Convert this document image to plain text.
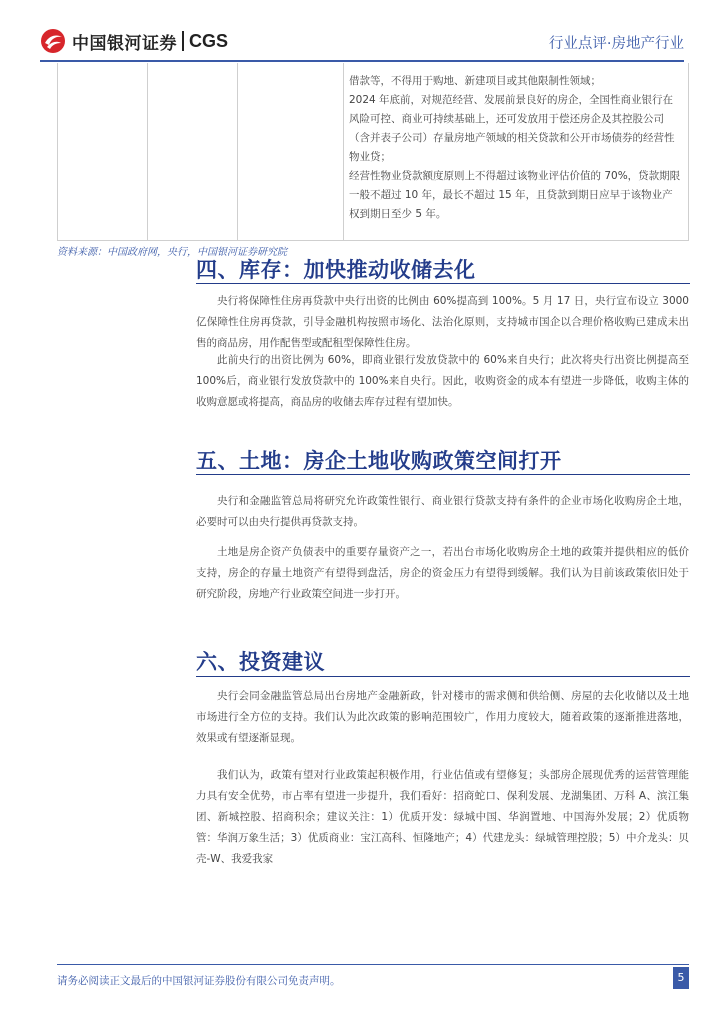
中国银河证券 CGS	行业点评·房地产行业

借款等，不得用于购地、新建项目或其他限制性领域；

2024 年底前，对规范经营、发展前景良好的房企，全国性商业银行在风险可控、商业可持续基础上，还可发放用于偿还房企及其控股公司（含并表子公司）存量房地产领域的相关贷款和公开市场债券的经营性物业贷；

经营性物业贷款额度原则上不得超过该物业评估价值的 70%，贷款期限一般不超过 10 年，最长不超过 15 年，且贷款到期日应早于该物业产权到期日至少 5 年。

资料来源：中国政府网，央行，中国银河证券研究院
四、库存：加快推动收储去化
央行将保障性住房再贷款中央行出资的比例由 60%提高到 100%。5 月 17 日，央行宣布设立 3000 亿保障性住房再贷款，引导金融机构按照市场化、法治化原则，支持城市国企以合理价格收购已建成未出售的商品房，用作配售型或配租型保障性住房。
此前央行的出资比例为 60%，即商业银行发放贷款中的 60%来自央行；此次将央行出资比例提高至 100%后，商业银行发放贷款中的 100%来自央行。因此，收购资金的成本有望进一步降低，收购主体的收购意愿或将提高，商品房的收储去库存过程有望加快。
五、土地：房企土地收购政策空间打开
央行和金融监管总局将研究允许政策性银行、商业银行贷款支持有条件的企业市场化收购房企土地，必要时可以由央行提供再贷款支持。
土地是房企资产负债表中的重要存量资产之一，若出台市场化收购房企土地的政策并提供相应的低价支持，房企的存量土地资产有望得到盘活，房企的资金压力有望得到缓解。我们认为目前该政策依旧处于研究阶段，房地产行业政策空间进一步打开。
六、投资建议
央行会同金融监管总局出台房地产金融新政，针对楼市的需求侧和供给侧、房屋的去化收储以及土地市场进行全方位的支持。我们认为此次政策的影响范围较广，作用力度较大，随着政策的逐渐推进落地，效果或有望逐渐显现。
我们认为，政策有望对行业政策起积极作用，行业估值或有望修复；头部房企展现优秀的运营管理能力具有安全优势，市占率有望进一步提升，我们看好：招商蛇口、保利发展、龙湖集团、万科 A、滨江集团、新城控股、招商积余；建议关注：1）优质开发：绿城中国、华润置地、中国海外发展；2）优质物管：华润万象生活；3）优质商业：宝江高科、恒隆地产；4）代建龙头：绿城管理控股；5）中介龙头：贝壳-W、我爱我家
请务必阅读正文最后的中国银河证券股份有限公司免责声明。	5
